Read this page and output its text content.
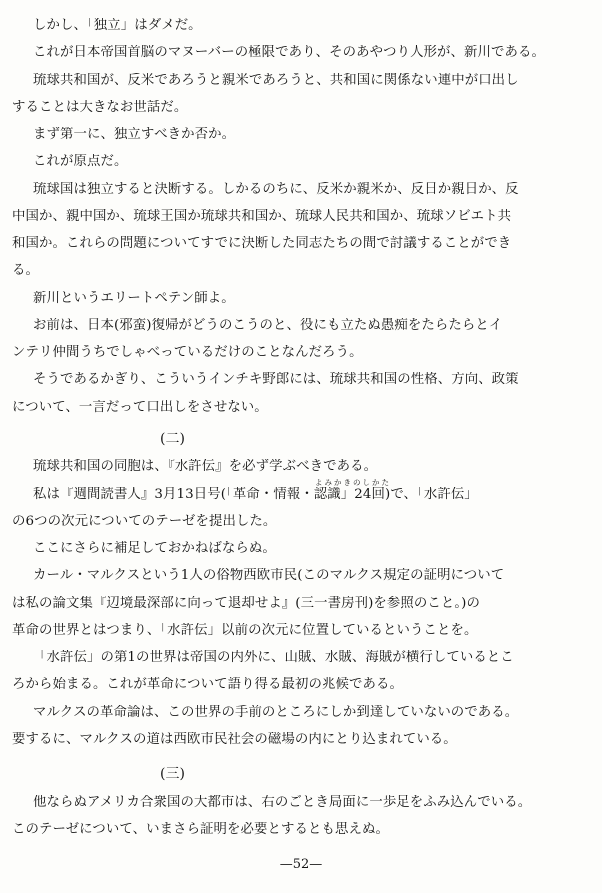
しかし、「独立」はダメだ。
これが日本帝国首脳のマヌーバーの極限であり、そのあやつり人形が、新川である。
琉球共和国が、反米であろうと親米であろうと、共和国に関係ない連中が口出し
することは大きなお世話だ。
まず第一に、独立すべきか否か。
これが原点だ。
琉球国は独立すると決断する。しかるのちに、反米か親米か、反日か親日か、反
中国か、親中国か、琉球王国か琉球共和国か、琉球人民共和国か、琉球ソビエト共
和国か。これらの問題についてすでに決断した同志たちの間で討議することができ
る。
新川というエリートペテン師よ。
お前は、日本(邪蛮)復帰がどうのこうのと、役にも立たぬ愚痴をたらたらとイ
ンテリ仲間うちでしゃべっているだけのことなんだろう。
そうであるかぎり、こういうインチキ野郎には、琉球共和国の性格、方向、政策
について、一言だって口出しをさせない。
(二)
琉球共和国の同胞は、『水許伝』を必ず学ぶべきである。
よみかきのしかた
私は『週間読書人』3月13日号(「革命・情報・認識」24回)で、「水許伝」
の6つの次元についてのテーゼを提出した。
ここにさらに補足しておかねばならぬ。
カール・マルクスという1人の俗物西欧市民(このマルクス規定の証明について
は私の論文集『辺境最深部に向って退却せよ』(三一書房刊)を参照のこと。)の
革命の世界とはつまり、「水許伝」以前の次元に位置しているということを。
「水許伝」の第1の世界は帝国の内外に、山賊、水賊、海賊が横行しているとこ
ろから始まる。これが革命について語り得る最初の兆候である。
マルクスの革命論は、この世界の手前のところにしか到達していないのである。
要するに、マルクスの道は西欧市民社会の磁場の内にとり込まれている。
(三)
他ならぬアメリカ合衆国の大都市は、右のごとき局面に一歩足をふみ込んでいる。
このテーゼについて、いまさら証明を必要とするとも思えぬ。
—52—
